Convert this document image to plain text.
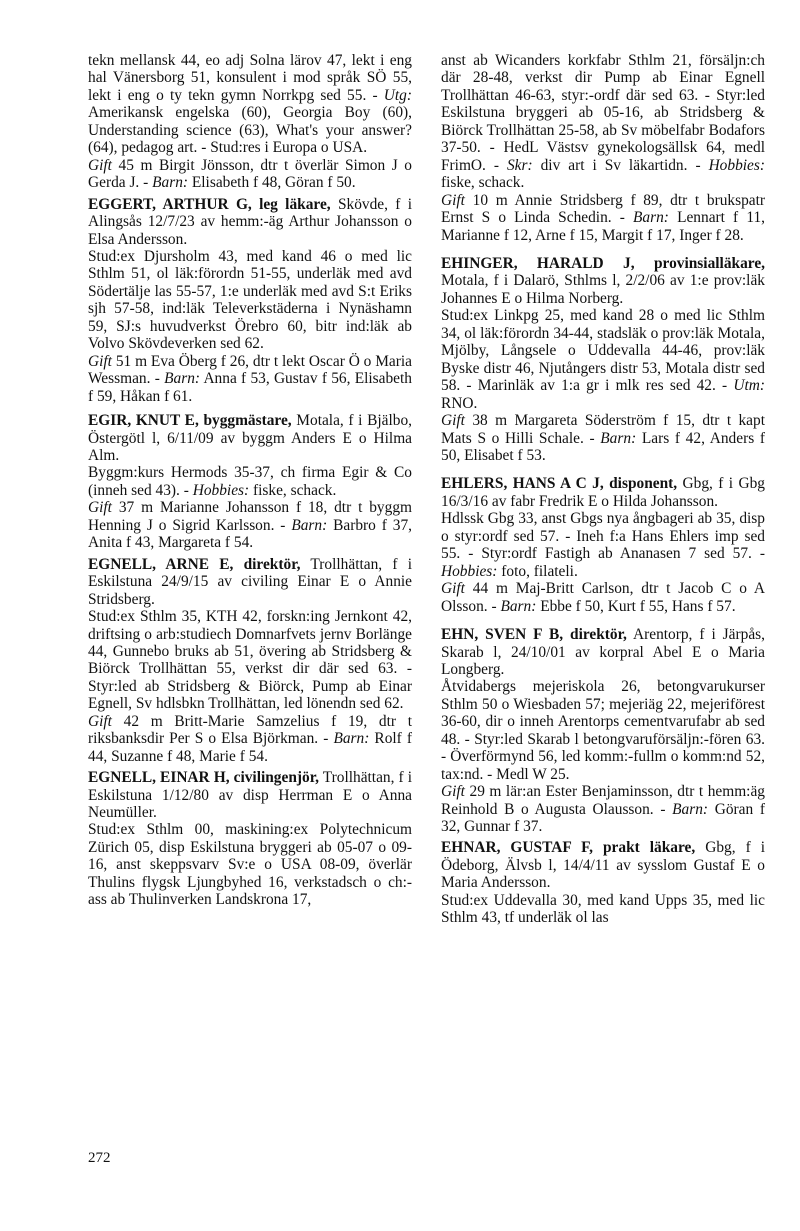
tekn mellansk 44, eo adj Solna lärov 47, lekt i eng hal Vänersborg 51, konsulent i mod språk SÖ 55, lekt i eng o ty tekn gymn Norrkpg sed 55. - Utg: Amerikansk engelska (60), Georgia Boy (60), Understanding science (63), What's your answer? (64), pedagog art. - Stud:res i Europa o USA.

Gift 45 m Birgit Jönsson, dtr t överlär Simon J o Gerda J. - Barn: Elisabeth f 48, Göran f 50.

EGGERT, ARTHUR G, leg läkare, Skövde, f i Alingsås 12/7/23 av hemm:-äg Arthur Johansson o Elsa Andersson.

Stud:ex Djursholm 43, med kand 46 o med lic Sthlm 51, ol läk:förordn 51-55, underläk med avd Södertälje las 55-57, 1:e underläk med avd S:t Eriks sjh 57-58, ind:läk Televerkstäderna i Nynäshamn 59, SJ:s huvudverkst Örebro 60, bitr ind:läk ab Volvo Skövdeverken sed 62.

Gift 51 m Eva Öberg f 26, dtr t lekt Oscar Ö o Maria Wessman. - Barn: Anna f 53, Gustav f 56, Elisabeth f 59, Håkan f 61.

EGIR, KNUT E, byggmästare, Motala, f i Bjälbo, Östergötl l, 6/11/09 av byggm Anders E o Hilma Alm.

Byggm:kurs Hermods 35-37, ch firma Egir & Co (inneh sed 43). - Hobbies: fiske, schack.

Gift 37 m Marianne Johansson f 18, dtr t byggm Henning J o Sigrid Karlsson. - Barn: Barbro f 37, Anita f 43, Margareta f 54.

EGNELL, ARNE E, direktör, Trollhättan, f i Eskilstuna 24/9/15 av civiling Einar E o Annie Stridsberg.

Stud:ex Sthlm 35, KTH 42, forskn:ing Jernkont 42, driftsing o arb:studiech Domnarfvets jernv Borlänge 44, Gunnebo bruks ab 51, övering ab Stridsberg & Biörck Trollhättan 55, verkst dir där sed 63. - Styr:led ab Stridsberg & Biörck, Pump ab Einar Egnell, Sv hdlsbkn Trollhättan, led lönendn sed 62.

Gift 42 m Britt-Marie Samzelius f 19, dtr t riksbanksdir Per S o Elsa Björkman. - Barn: Rolf f 44, Suzanne f 48, Marie f 54.

EGNELL, EINAR H, civilingenjör, Trollhättan, f i Eskilstuna 1/12/80 av disp Herrman E o Anna Neumüller.

Stud:ex Sthlm 00, maskining:ex Polytechnicum Zürich 05, disp Eskilstuna bryggeri ab 05-07 o 09-16, anst skeppsvarv Sv:e o USA 08-09, överlär Thulins flygsk Ljungbyhed 16, verkstadsch o ch:-ass ab Thulinverken Landskrona 17,

anst ab Wicanders korkfabr Sthlm 21, försäljn:ch där 28-48, verkst dir Pump ab Einar Egnell Trollhättan 46-63, styr:-ordf där sed 63. - Styr:led Eskilstuna bryggeri ab 05-16, ab Stridsberg & Biörck Trollhättan 25-58, ab Sv möbelfabr Bodafors 37-50. - HedL Västsv gynekologsällsk 64, medl FrimO. - Skr: div art i Sv läkartidn. - Hobbies: fiske, schack.

Gift 10 m Annie Stridsberg f 89, dtr t brukspatr Ernst S o Linda Schedin. - Barn: Lennart f 11, Marianne f 12, Arne f 15, Margit f 17, Inger f 28.

EHINGER, HARALD J, provinsialläkare, Motala, f i Dalarö, Sthlms l, 2/2/06 av 1:e prov:läk Johannes E o Hilma Norberg.

Stud:ex Linkpg 25, med kand 28 o med lic Sthlm 34, ol läk:förordn 34-44, stadsläk o prov:läk Motala, Mjölby, Långsele o Uddevalla 44-46, prov:läk Byske distr 46, Njutångers distr 53, Motala distr sed 58. - Marinläk av 1:a gr i mlk res sed 42. - Utm: RNO.

Gift 38 m Margareta Söderström f 15, dtr t kapt Mats S o Hilli Schale. - Barn: Lars f 42, Anders f 50, Elisabet f 53.

EHLERS, HANS A C J, disponent, Gbg, f i Gbg 16/3/16 av fabr Fredrik E o Hilda Johansson.

Hdlssk Gbg 33, anst Gbgs nya ångbageri ab 35, disp o styr:ordf sed 57. - Ineh f:a Hans Ehlers imp sed 55. - Styr:ordf Fastigh ab Ananasen 7 sed 57. - Hobbies: foto, filateli.

Gift 44 m Maj-Britt Carlson, dtr t Jacob C o A Olsson. - Barn: Ebbe f 50, Kurt f 55, Hans f 57.

EHN, SVEN F B, direktör, Arentorp, f i Järpås, Skarab l, 24/10/01 av korpral Abel E o Maria Longberg.

Åtvidabergs mejeriskola 26, betongvarukurser Sthlm 50 o Wiesbaden 57; mejeriäg 22, mejeriförest 36-60, dir o inneh Arentorps cementvarufabr ab sed 48. - Styr:led Skarab l betongvaruförsäljn:-fören 63. - Överförmynd 56, led komm:-fullm o komm:nd 52, tax:nd. - Medl W 25.

Gift 29 m lär:an Ester Benjaminsson, dtr t hemm:äg Reinhold B o Augusta Olausson. - Barn: Göran f 32, Gunnar f 37.

EHNAR, GUSTAF F, prakt läkare, Gbg, f i Ödeborg, Älvsb l, 14/4/11 av sysslom Gustaf E o Maria Andersson.

Stud:ex Uddevalla 30, med kand Upps 35, med lic Sthlm 43, tf underläk ol las

272
